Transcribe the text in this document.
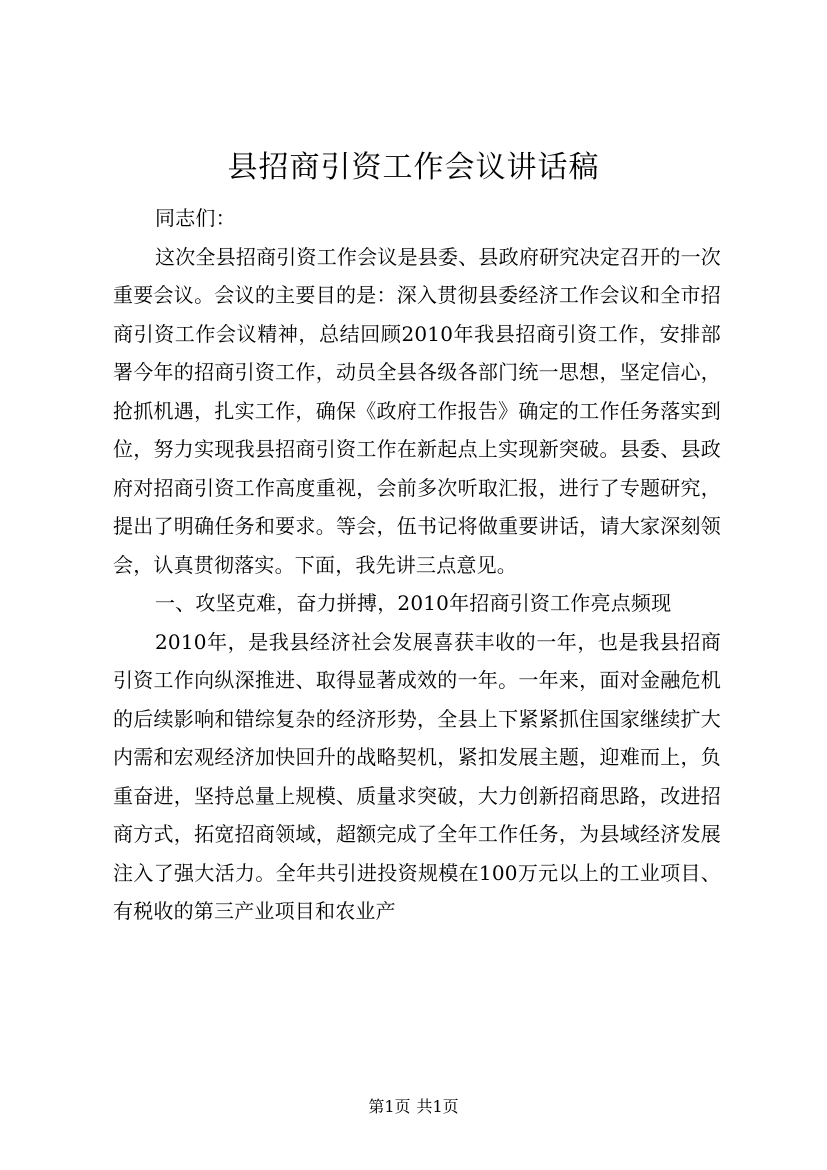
县招商引资工作会议讲话稿

同志们：

这次全县招商引资工作会议是县委、县政府研究决定召开的一次重要会议。会议的主要目的是：深入贯彻县委经济工作会议和全市招商引资工作会议精神，总结回顾2010年我县招商引资工作，安排部署今年的招商引资工作，动员全县各级各部门统一思想，坚定信心，抢抓机遇，扎实工作，确保《政府工作报告》确定的工作任务落实到位，努力实现我县招商引资工作在新起点上实现新突破。县委、县政府对招商引资工作高度重视，会前多次听取汇报，进行了专题研究，提出了明确任务和要求。等会，伍书记将做重要讲话，请大家深刻领会，认真贯彻落实。下面，我先讲三点意见。

一、攻坚克难，奋力拼搏，2010年招商引资工作亮点频现

2010年，是我县经济社会发展喜获丰收的一年，也是我县招商引资工作向纵深推进、取得显著成效的一年。一年来，面对金融危机的后续影响和错综复杂的经济形势，全县上下紧紧抓住国家继续扩大内需和宏观经济加快回升的战略契机，紧扣发展主题，迎难而上，负重奋进，坚持总量上规模、质量求突破，大力创新招商思路，改进招商方式，拓宽招商领域，超额完成了全年工作任务，为县域经济发展注入了强大活力。全年共引进投资规模在100万元以上的工业项目、有税收的第三产业项目和农业产

第1页 共1页
